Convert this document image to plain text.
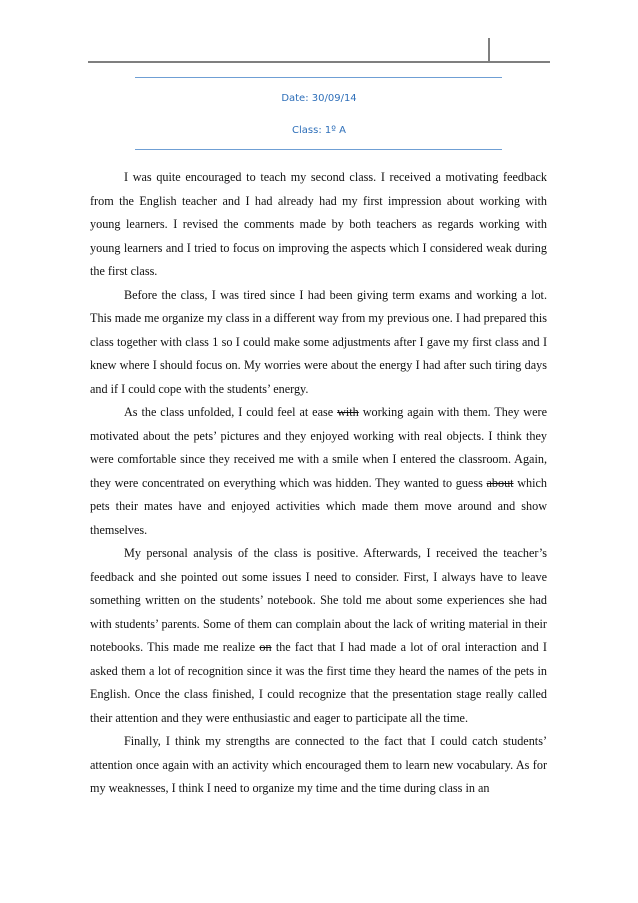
Date: 30/09/14
Class: 1º A

I was quite encouraged to teach my second class. I received a motivating feedback from the English teacher and I had already had my first impression about working with young learners. I revised the comments made by both teachers as regards working with young learners and I tried to focus on improving the aspects which I considered weak during the first class.

Before the class, I was tired since I had been giving term exams and working a lot. This made me organize my class in a different way from my previous one. I had prepared this class together with class 1 so I could make some adjustments after I gave my first class and I knew where I should focus on. My worries were about the energy I had after such tiring days and if I could cope with the students’ energy.

As the class unfolded, I could feel at ease with working again with them. They were motivated about the pets’ pictures and they enjoyed working with real objects. I think they were comfortable since they received me with a smile when I entered the classroom. Again, they were concentrated on everything which was hidden. They wanted to guess about which pets their mates have and enjoyed activities which made them move around and show themselves.

My personal analysis of the class is positive. Afterwards, I received the teacher’s feedback and she pointed out some issues I need to consider. First, I always have to leave something written on the students’ notebook. She told me about some experiences she had with students’ parents. Some of them can complain about the lack of writing material in their notebooks. This made me realize on the fact that I had made a lot of oral interaction and I asked them a lot of recognition since it was the first time they heard the names of the pets in English. Once the class finished, I could recognize that the presentation stage really called their attention and they were enthusiastic and eager to participate all the time.

Finally, I think my strengths are connected to the fact that I could catch students’ attention once again with an activity which encouraged them to learn new vocabulary. As for my weaknesses, I think I need to organize my time and the time during class in an
